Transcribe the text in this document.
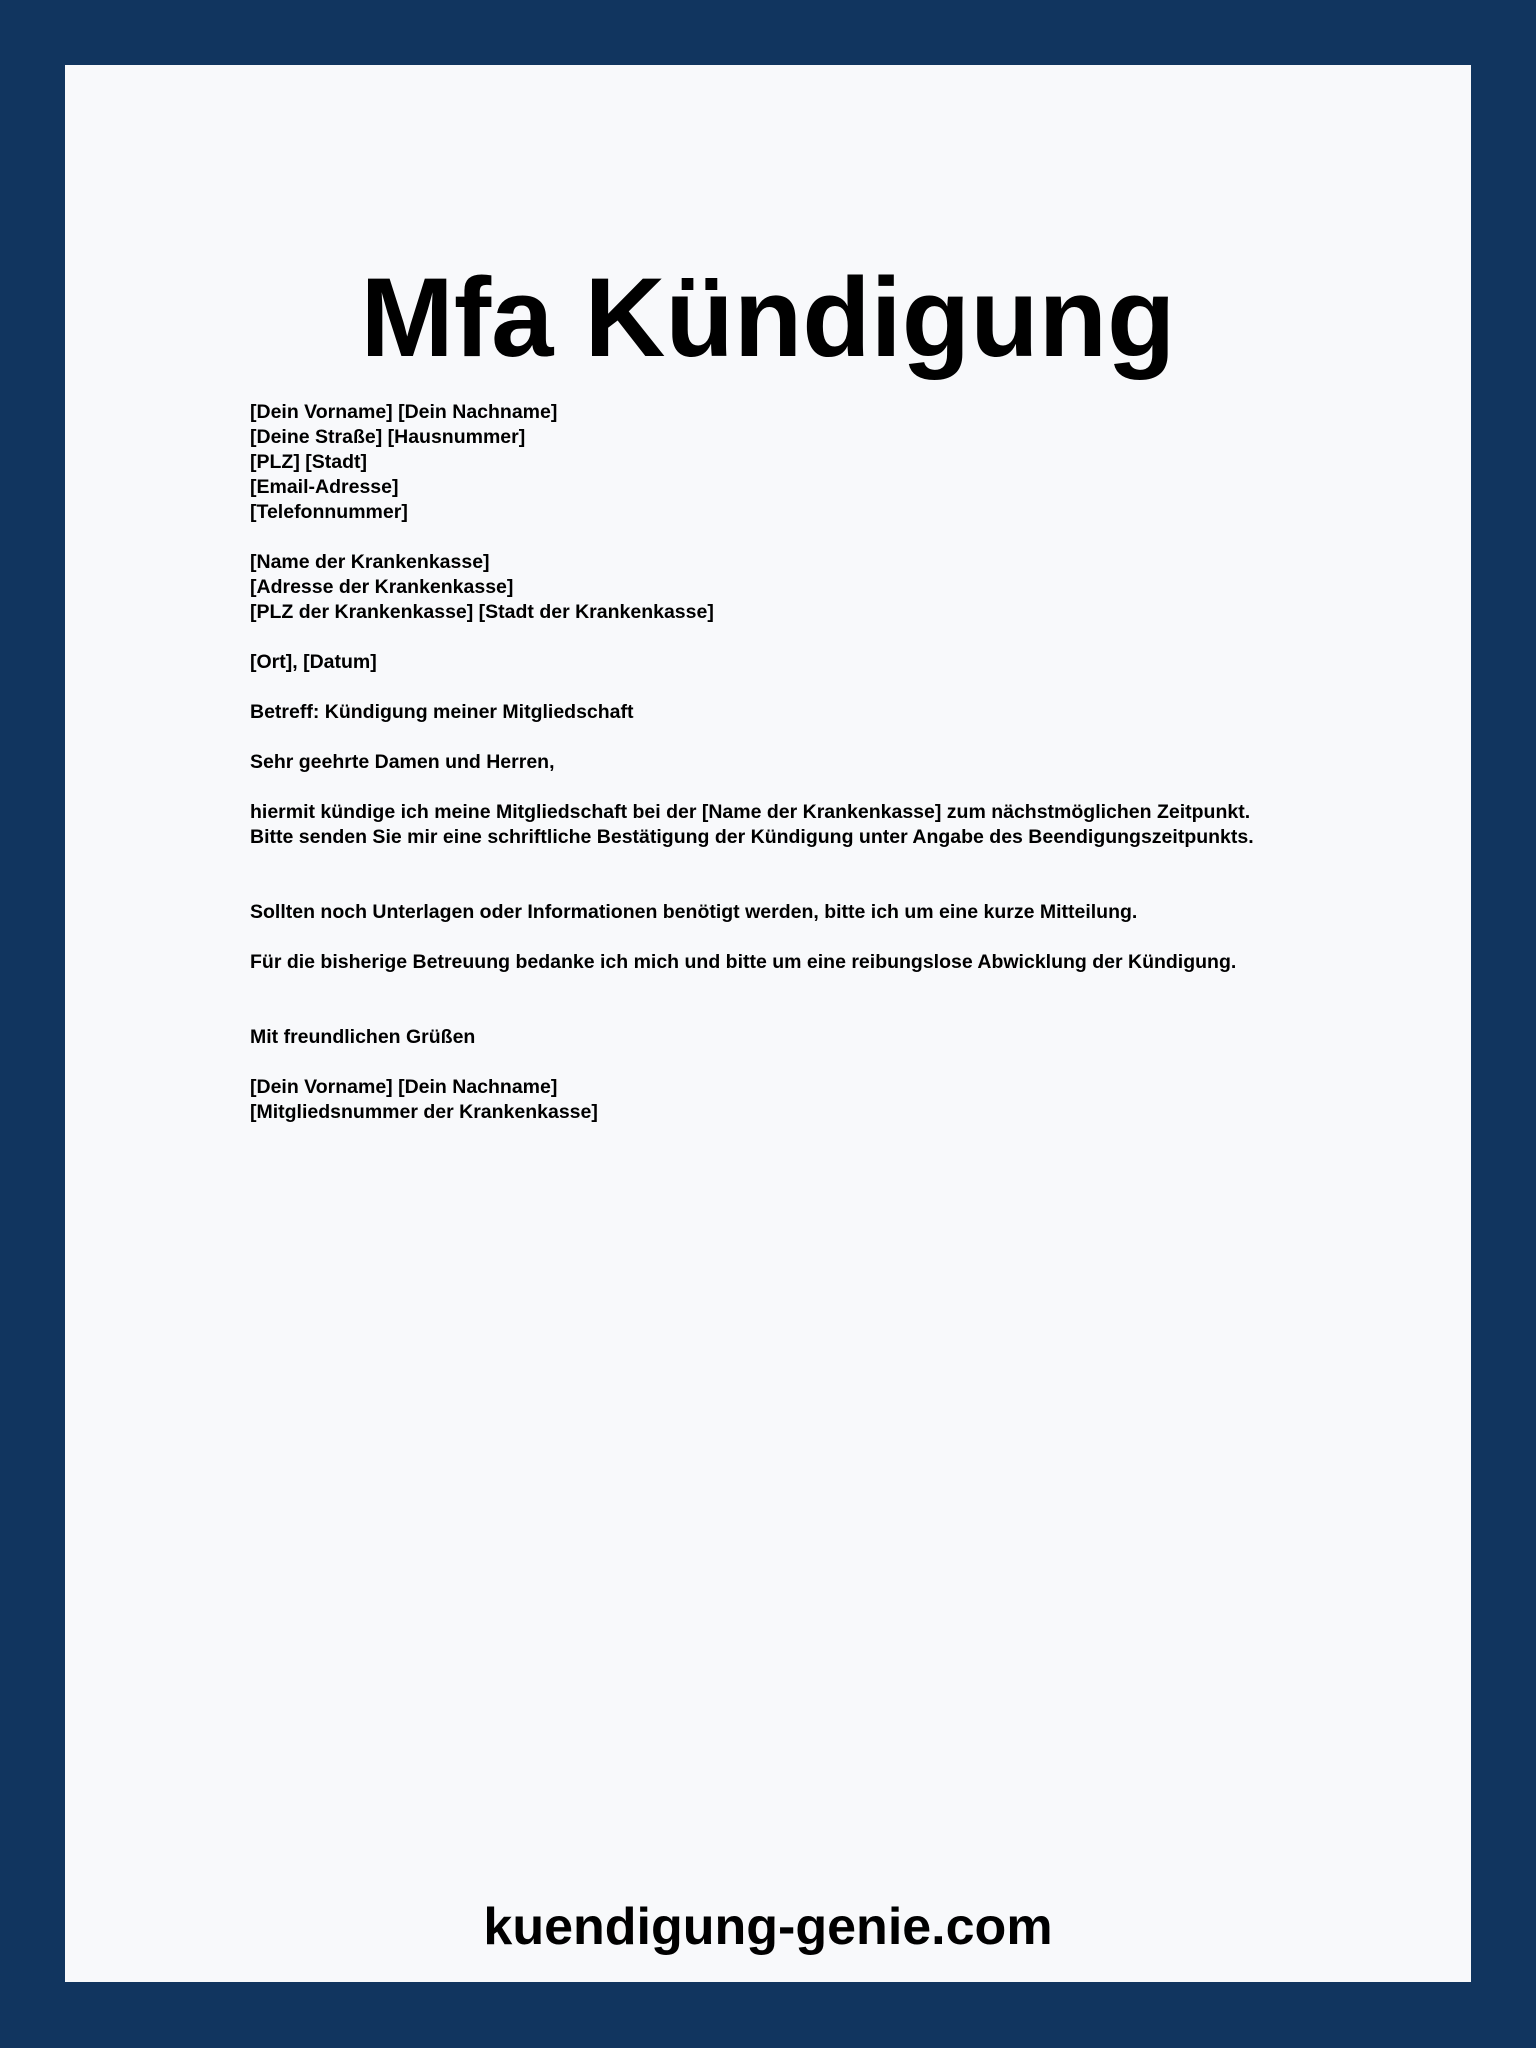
Mfa Kündigung
[Dein Vorname] [Dein Nachname]
[Deine Straße] [Hausnummer]
[PLZ] [Stadt]
[Email-Adresse]
[Telefonnummer]
[Name der Krankenkasse]
[Adresse der Krankenkasse]
[PLZ der Krankenkasse] [Stadt der Krankenkasse]
[Ort], [Datum]
Betreff: Kündigung meiner Mitgliedschaft
Sehr geehrte Damen und Herren,
hiermit kündige ich meine Mitgliedschaft bei der [Name der Krankenkasse] zum nächstmöglichen Zeitpunkt.
Bitte senden Sie mir eine schriftliche Bestätigung der Kündigung unter Angabe des Beendigungszeitpunkts.
Sollten noch Unterlagen oder Informationen benötigt werden, bitte ich um eine kurze Mitteilung.
Für die bisherige Betreuung bedanke ich mich und bitte um eine reibungslose Abwicklung der Kündigung.
Mit freundlichen Grüßen
[Dein Vorname] [Dein Nachname]
[Mitgliedsnummer der Krankenkasse]
kuendigung-genie.com
